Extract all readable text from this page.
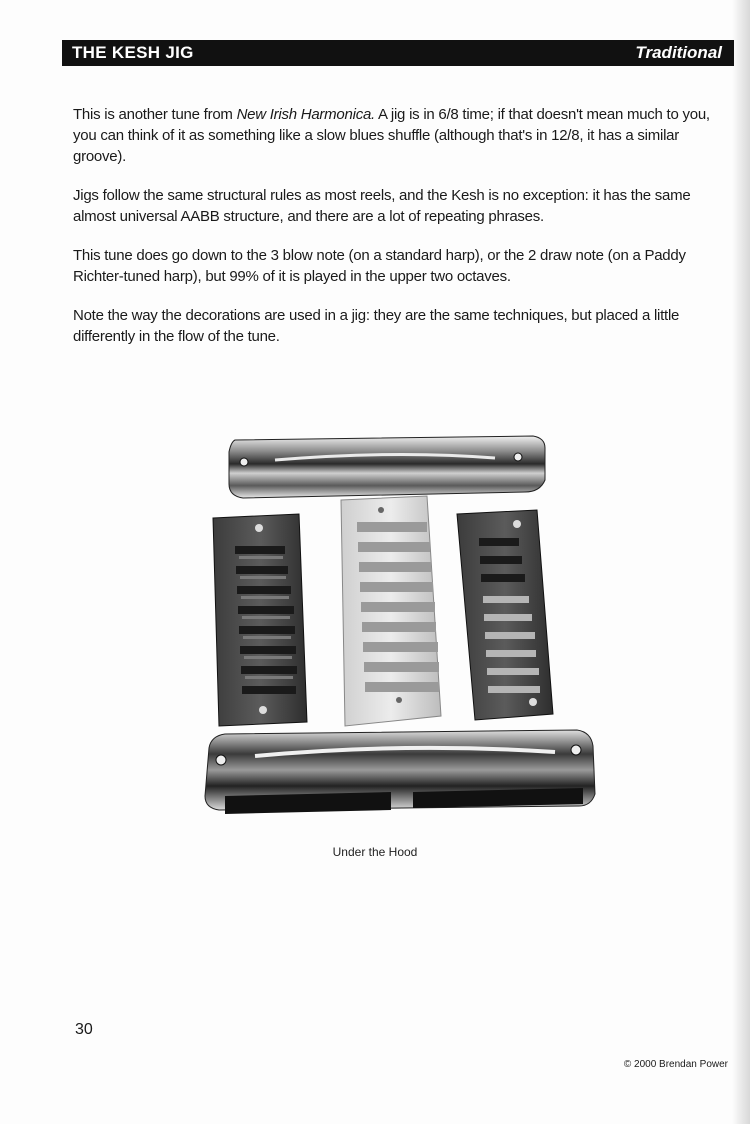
THE KESH JIG	Traditional

This is another tune from New Irish Harmonica. A jig is in 6/8 time; if that doesn't mean much to you, you can think of it as something like a slow blues shuffle (although that's in 12/8, it has a similar groove).

Jigs follow the same structural rules as most reels, and the Kesh is no exception: it has the same almost universal AABB structure, and there are a lot of repeating phrases.

This tune does go down to the 3 blow note (on a standard harp), or the 2 draw note (on a Paddy Richter-tuned harp), but 99% of it is played in the upper two octaves.

Note the way the decorations are used in a jig: they are the same techniques, but placed a little differently in the flow of the tune.

Under the Hood
30
© 2000 Brendan Power
